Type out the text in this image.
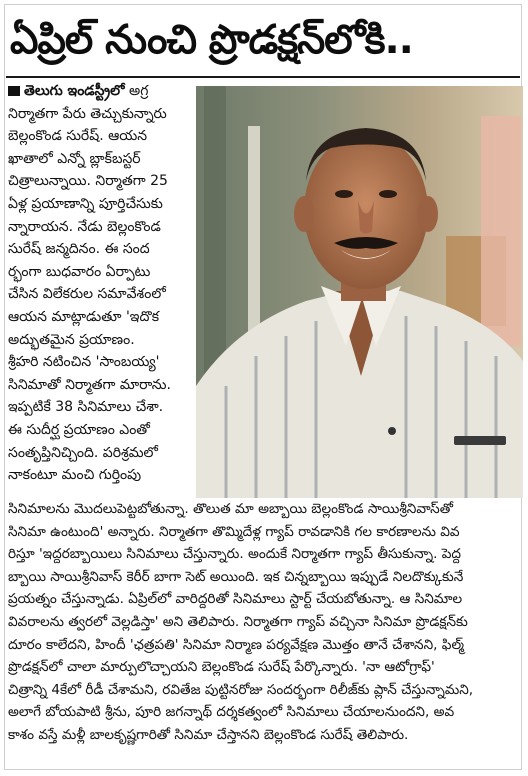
ఏప్రిల్ నుంచి ప్రొడక్షన్‌లోకి..
తెలుగు ఇండస్ట్రీలో అగ్ర
నిర్మాతగా పేరు తెచ్చుకున్నారు
బెల్లంకొండ సురేష్. ఆయన
ఖాతాలో ఎన్నో బ్లాక్‌బస్టర్
చిత్రాలున్నాయి. నిర్మాతగా 25
ఏళ్ల ప్రయాణాన్ని పూర్తిచేసుకు
న్నారాయన. నేడు బెల్లంకొండ
సురేష్ జన్మదినం. ఈ సంద
ర్భంగా బుధవారం ఏర్పాటు
చేసిన విలేకరుల సమావేశంలో
ఆయన మాట్లాడుతూ 'ఇదొక
అద్భుతమైన ప్రయాణం.
శ్రీహరి నటించిన 'సాంబయ్య'
సినిమాతో నిర్మాతగా మారాను.
ఇప్పటికే 38 సినిమాలు చేశా.
ఈ సుదీర్ఘ ప్రయాణం ఎంతో
సంతృప్తినిచ్చింది. పరిశ్రమలో
నాకంటూ మంచి గుర్తింపు
సినిమాలను మొదలుపెట్టబోతున్నా. తొలుత మా అబ్బాయి బెల్లంకొండ సాయిశ్రీనివాస్‌తో
సినిమా ఉంటుంది' అన్నారు. నిర్మాతగా తొమ్మిదేళ్ల గ్యాప్ రావడానికి గల కారణాలను వివ
రిస్తూ 'ఇద్దరబ్బాయిలు సినిమాలు చేస్తున్నారు. అందుకే నిర్మాతగా గ్యాప్ తీసుకున్నా. పెద్ద
బ్బాయి సాయిశ్రీనివాస్ కెరీర్ బాగా సెట్ అయింది. ఇక చిన్నబ్బాయి ఇప్పుడే నిలదొక్కుకునే
ప్రయత్నం చేస్తున్నాడు. ఏప్రిల్‌లో వారిద్దరితో సినిమాలు స్టార్ట్ చేయబోతున్నా. ఆ సినిమాల
వివరాలను త్వరలో వెల్లడిస్తా' అని తెలిపారు. నిర్మాతగా గ్యాప్ వచ్చినా సినిమా ప్రొడక్షన్‌కు
దూరం కాలేదని, హిందీ 'ఛత్రపతి' సినిమా నిర్మాణ పర్యవేక్షణ మొత్తం తానే చేశానని, ఫిల్మ్
ప్రొడక్షన్‌లో చాలా మార్పులొచ్చాయని బెల్లంకొండ సురేష్ పేర్కొన్నారు. 'నా ఆటోగ్రాఫ్'
చిత్రాన్ని 4కేలో రీడీ చేశామని, రవితేజ పుట్టినరోజు సందర్భంగా రిలీజ్‌కు ప్లాన్ చేస్తున్నామని,
అలాగే బోయపాటి శ్రీను, పూరి జగన్నాథ్ దర్శకత్వంలో సినిమాలు చేయాలనుందని, అవ
కాశం వస్తే మళ్లీ బాలకృష్ణగారితో సినిమా చేస్తానని బెల్లంకొండ సురేష్ తెలిపారు.
